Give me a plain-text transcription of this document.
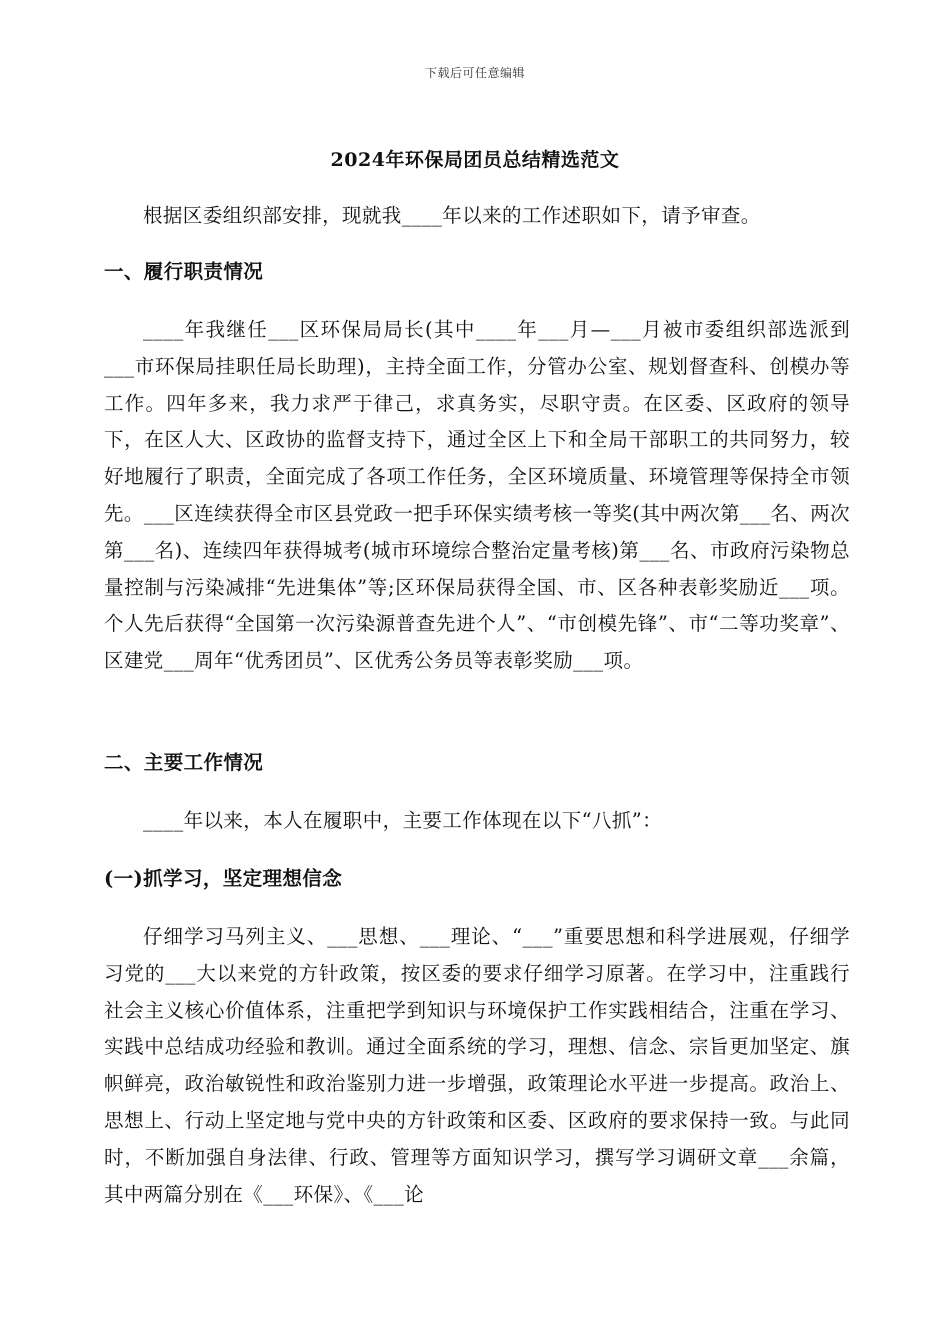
下载后可任意编辑
2024年环保局团员总结精选范文

根据区委组织部安排，现就我____年以来的工作述职如下，请予审查。

一、履行职责情况

____年我继任___区环保局局长(其中____年___月—___月被市委组织部选派到___市环保局挂职任局长助理)，主持全面工作，分管办公室、规划督查科、创模办等工作。四年多来，我力求严于律己，求真务实，尽职守责。在区委、区政府的领导下，在区人大、区政协的监督支持下，通过全区上下和全局干部职工的共同努力，较好地履行了职责，全面完成了各项工作任务，全区环境质量、环境管理等保持全市领先。___区连续获得全市区县党政一把手环保实绩考核一等奖(其中两次第___名、两次第___名)、连续四年获得城考(城市环境综合整治定量考核)第___名、市政府污染物总量控制与污染减排“先进集体”等;区环保局获得全国、市、区各种表彰奖励近___项。个人先后获得“全国第一次污染源普查先进个人”、“市创模先锋”、市“二等功奖章”、区建党___周年“优秀团员”、区优秀公务员等表彰奖励___项。

二、主要工作情况

____年以来，本人在履职中，主要工作体现在以下“八抓”：

(一)抓学习，坚定理想信念

仔细学习马列主义、___思想、___理论、“___”重要思想和科学进展观，仔细学习党的___大以来党的方针政策，按区委的要求仔细学习原著。在学习中，注重践行社会主义核心价值体系，注重把学到知识与环境保护工作实践相结合，注重在学习、实践中总结成功经验和教训。通过全面系统的学习，理想、信念、宗旨更加坚定、旗帜鲜亮，政治敏锐性和政治鉴别力进一步增强，政策理论水平进一步提高。政治上、思想上、行动上坚定地与党中央的方针政策和区委、区政府的要求保持一致。与此同时，不断加强自身法律、行政、管理等方面知识学习，撰写学习调研文章___余篇，其中两篇分别在《___环保》、《___论
